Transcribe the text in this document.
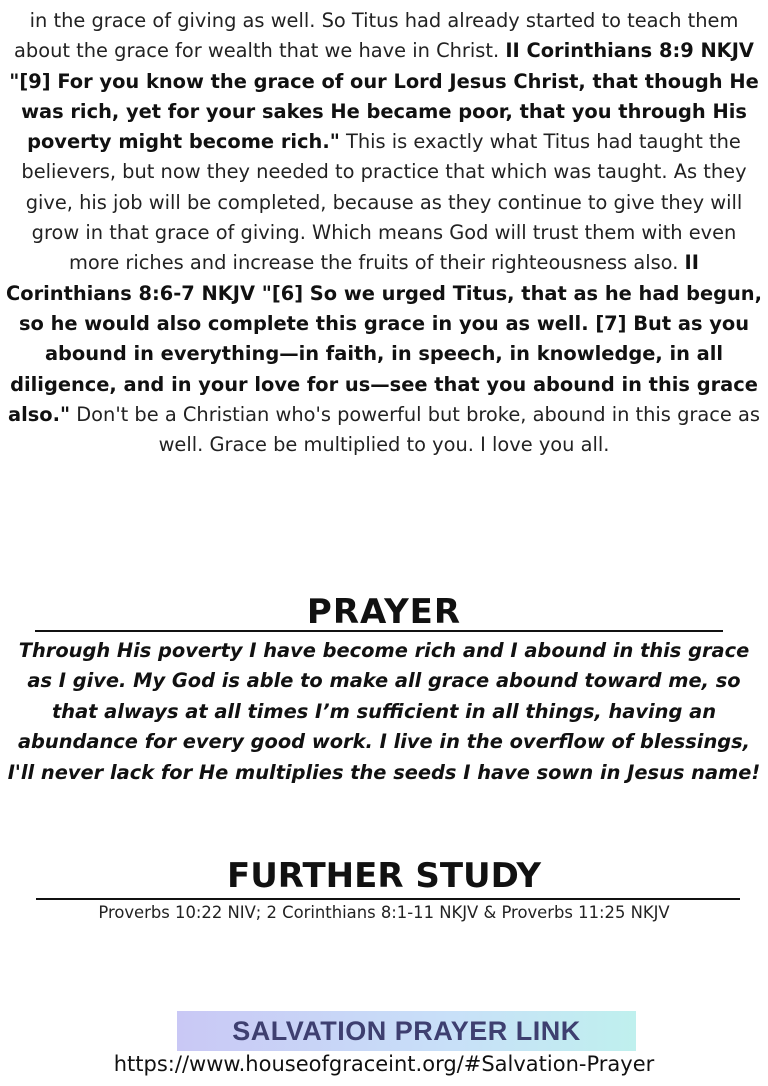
in the grace of giving as well. So Titus had already started to teach them about the grace for wealth that we have in Christ. II Corinthians 8:9 NKJV "[9] For you know the grace of our Lord Jesus Christ, that though He was rich, yet for your sakes He became poor, that you through His poverty might become rich." This is exactly what Titus had taught the believers, but now they needed to practice that which was taught. As they give, his job will be completed, because as they continue to give they will grow in that grace of giving. Which means God will trust them with even more riches and increase the fruits of their righteousness also. II Corinthians 8:6-7 NKJV "[6] So we urged Titus, that as he had begun, so he would also complete this grace in you as well. [7] But as you abound in everything—in faith, in speech, in knowledge, in all diligence, and in your love for us—see that you abound in this grace also." Don't be a Christian who's powerful but broke, abound in this grace as well. Grace be multiplied to you. I love you all.
PRAYER
Through His poverty I have become rich and I abound in this grace as I give. My God is able to make all grace abound toward me, so that always at all times I’m sufficient in all things, having an abundance for every good work. I live in the overflow of blessings, I'll never lack for He multiplies the seeds I have sown in Jesus name!
FURTHER STUDY
Proverbs 10:22 NIV; 2 Corinthians 8:1-11 NKJV & Proverbs 11:25 NKJV
SALVATION PRAYER LINK
https://www.houseofgraceint.org/#Salvation-Prayer
